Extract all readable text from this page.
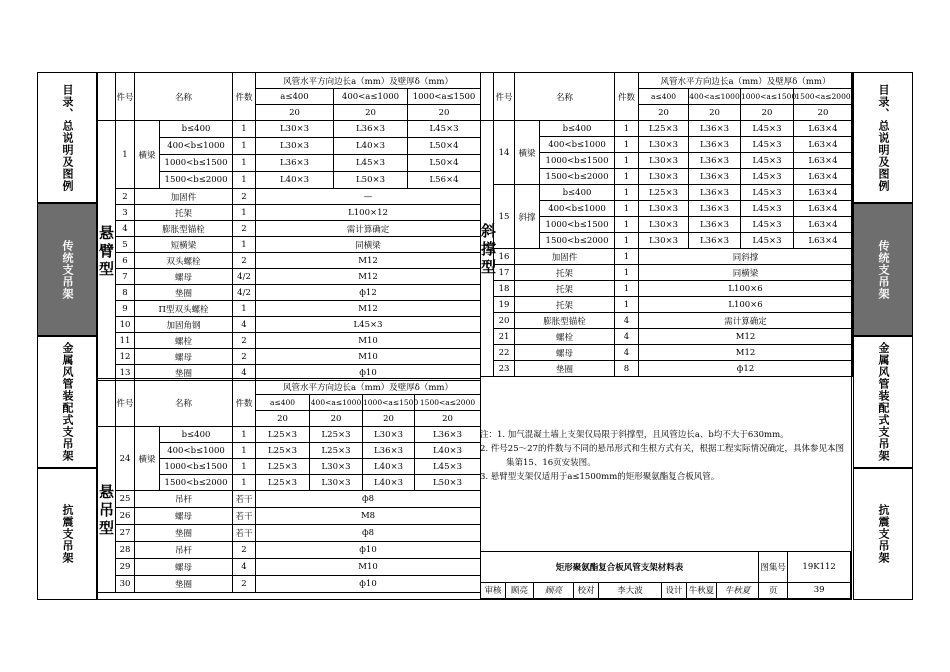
目录、总说明及图例
传统支吊架
金属风管装配式支吊架
抗震支吊架
目录、总说明及图例
传统支吊架
金属风管装配式支吊架
抗震支吊架
	件号	名称		件数	风管水平方向边长a（mm）及壁厚δ（mm）		
					a≤400	400<a≤1000	1000<a≤1500
					20	20	20

悬
臂
型	1	横梁	b≤400	1	L30×3	L36×3	L45×3
			400<b≤1000	1	L30×3	L40×3	L50×4
			1000<b≤1500	1	L36×3	L45×3	L50×4
			1500<b≤2000	1	L40×3	L50×3	L56×4
	2	加固件		2	—		
	3	托架		1	L100×12		
	4	膨胀型锚栓		2	需计算确定		
	5	短横梁		1	同横梁		
	6	双头螺栓		2	M12		
	7	螺母		4/2	M12		
	8	垫圈		4/2	ф12		
	9	П型双头螺栓		1	M12		
	10	加固角钢		4	L45×3		
	11	螺栓		2	M10		
	12	螺母		2	M10		
	13	垫圈		4	ф10		
	件号	名称		件数	风管水平方向边长a（mm）及壁厚δ（mm）			
					a≤400	400<a≤1000	1000<a≤1500	1500<a≤2000
					20	20	20	20

斜
撑
型	14	横梁	b≤400	1	L25×3	L36×3	L45×3	L63×4
			400<b≤1000	1	L30×3	L36×3	L45×3	L63×4
			1000<b≤1500	1	L30×3	L36×3	L45×3	L63×4
			1500<b≤2000	1	L30×3	L36×3	L45×3	L63×4
	15	斜撑	b≤400	1	L25×3	L36×3	L45×3	L63×4
			400<b≤1000	1	L30×3	L36×3	L45×3	L63×4
			1000<b≤1500	1	L30×3	L36×3	L45×3	L63×4
			1500<b≤2000	1	L30×3	L36×3	L45×3	L63×4
	16	加固件		1	同斜撑			
	17	托架		1	同横梁			
	18	托架		1	L100×6			
	19	托架		1	L100×6			
	20	膨胀型锚栓		4	需计算确定			
	21	螺栓		4	M12			
	22	螺母		4	M12			
	23	垫圈		8	ф12			
	件号	名称		件数	风管水平方向边长a（mm）及壁厚δ（mm）			
					a≤400	400<a≤1000	1000<a≤1500	1500<a≤2000
					20	20	20	20

悬
吊
型	24	横梁	b≤400	1	L25×3	L25×3	L30×3	L36×3
			400<b≤1000	1	L25×3	L25×3	L36×3	L40×3
			1000<b≤1500	1	L25×3	L30×3	L40×3	L45×3
			1500<b≤2000	1	L25×3	L30×3	L40×3	L50×3
	25	吊杆		若干	ф8			
	26	螺母		若干	M8			
	27	垫圈		若干	ф8			
	28	吊杆		2	ф10			
	29	螺母		4	M10			
	30	垫圈		2	ф10			
注：1. 加气混凝土墙上支架仅局限于斜撑型，且风管边长a、b均不大于630mm。
2. 件号25～27的件数与不同的悬吊形式和生根方式有关，根据工程实际情况确定，具体参见本图集第15、16页安装图。
3. 悬臂型支架仅适用于a≤1500mm的矩形聚氨酯复合板风管。
矩形聚氨酯复合板风管支架材料表								图集号	19K112
审核	顾亮	顾亮	校对	李大波	设计	牛秋夏	牛秋夏	页	39
